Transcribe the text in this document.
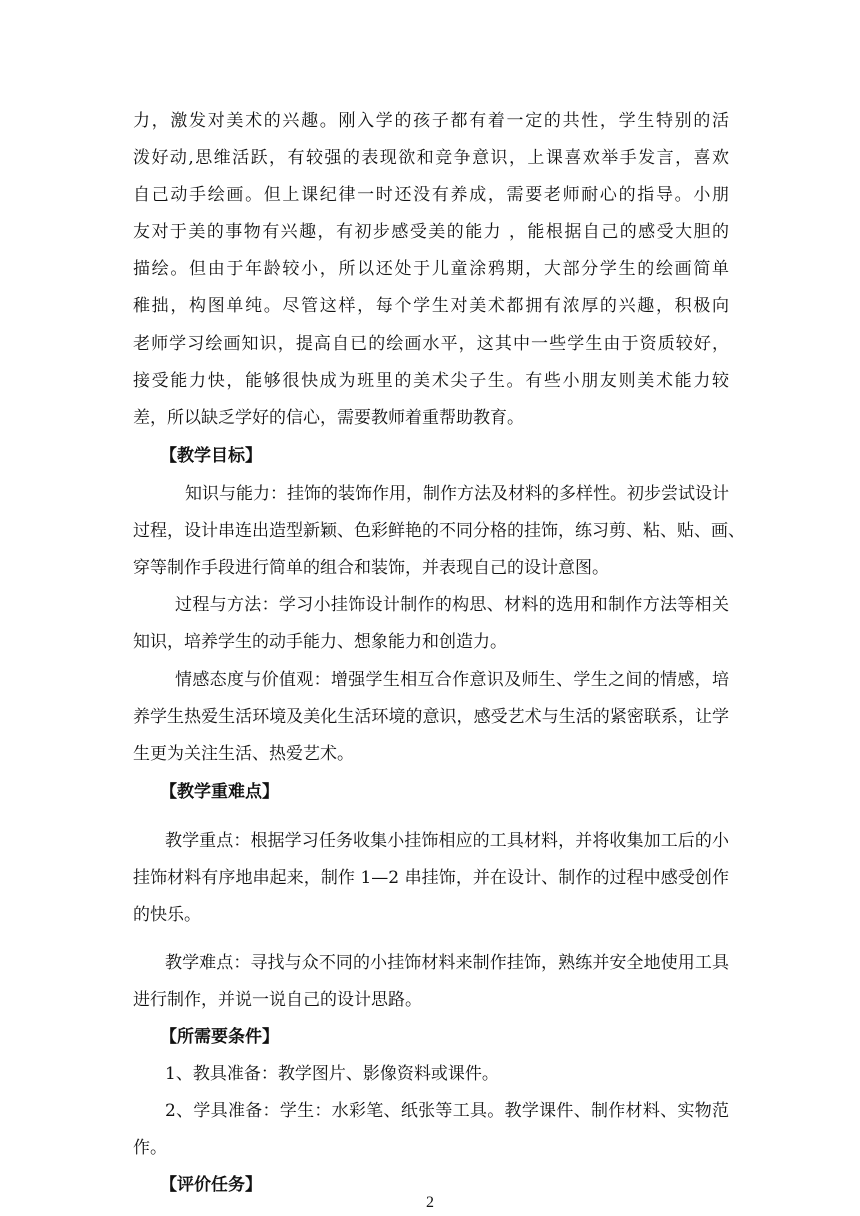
力，激发对美术的兴趣。刚入学的孩子都有着一定的共性，学生特别的活
泼好动,思维活跃，有较强的表现欲和竞争意识，上课喜欢举手发言，喜欢
自己动手绘画。但上课纪律一时还没有养成，需要老师耐心的指导。小朋
友对于美的事物有兴趣，有初步感受美的能力 ，能根据自己的感受大胆的
描绘。但由于年龄较小，所以还处于儿童涂鸦期，大部分学生的绘画简单
稚拙，构图单纯。尽管这样，每个学生对美术都拥有浓厚的兴趣，积极向
老师学习绘画知识，提高自已的绘画水平，这其中一些学生由于资质较好，
接受能力快，能够很快成为班里的美术尖子生。有些小朋友则美术能力较
差，所以缺乏学好的信心，需要教师着重帮助教育。
【教学目标】
知识与能力：挂饰的装饰作用，制作方法及材料的多样性。初步尝试设计
过程，设计串连出造型新颖、色彩鲜艳的不同分格的挂饰，练习剪、粘、贴、画、
穿等制作手段进行简单的组合和装饰，并表现自己的设计意图。
过程与方法：学习小挂饰设计制作的构思、材料的选用和制作方法等相关
知识，培养学生的动手能力、想象能力和创造力。
情感态度与价值观：增强学生相互合作意识及师生、学生之间的情感，培
养学生热爱生活环境及美化生活环境的意识，感受艺术与生活的紧密联系，让学
生更为关注生活、热爱艺术。
【教学重难点】
教学重点：根据学习任务收集小挂饰相应的工具材料，并将收集加工后的小
挂饰材料有序地串起来，制作 1—2 串挂饰，并在设计、制作的过程中感受创作
的快乐。
教学难点：寻找与众不同的小挂饰材料来制作挂饰，熟练并安全地使用工具
进行制作，并说一说自己的设计思路。
【所需要条件】
1、教具准备：教学图片、影像资料或课件。
2、学具准备：学生：水彩笔、纸张等工具。教学课件、制作材料、实物范
作。
【评价任务】
2
